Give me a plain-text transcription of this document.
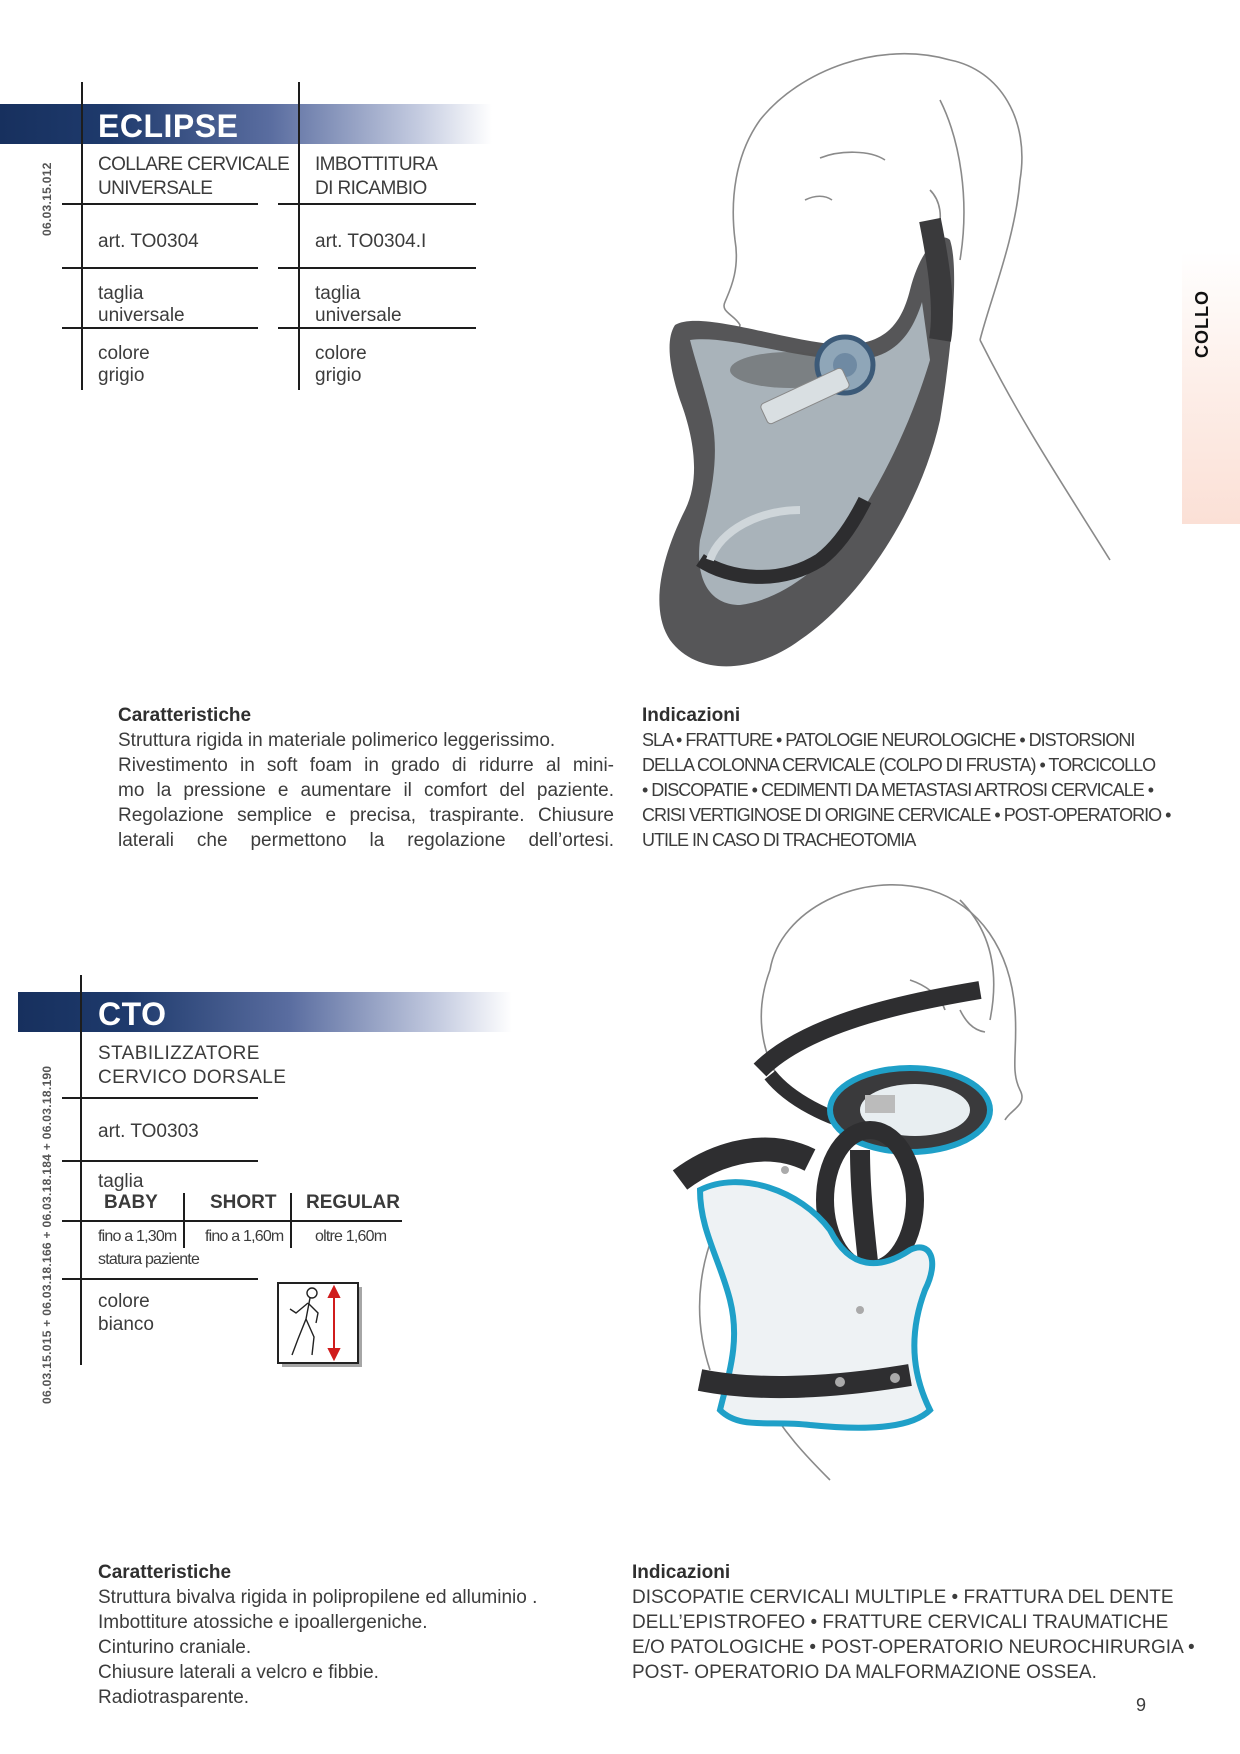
COLLO
ECLIPSE
06.03.15.012 COLLARE CERVICALE
UNIVERSALE
art. TO0304
taglia
universale
colore
grigio
IMBOTTITURA
DI RICAMBIO
art. TO0304.I
taglia
universale
colore
grigio
Caratteristiche
Struttura rigida in materiale polimerico leggerissimo.
Rivestimento in soft foam in grado di ridurre al mini-
mo la pressione e aumentare il comfort del paziente.
Regolazione semplice e precisa, traspirante. Chiusure
laterali che permettono la regolazione dell’ortesi.
Indicazioni
SLA • FRATTURE • PATOLOGIE NEUROLOGICHE • DISTORSIONI
DELLA COLONNA CERVICALE (COLPO DI FRUSTA) • TORCICOLLO
• DISCOPATIE • CEDIMENTI DA METASTASI ARTROSI CERVICALE •
CRISI VERTIGINOSE DI ORIGINE CERVICALE • POST-OPERATORIO •
UTILE IN CASO DI TRACHEOTOMIA
CTO
06.03.15.015 + 06.03.18.166 + 06.03.18.184 + 06.03.18.190
STABILIZZATORE
CERVICO DORSALE
art. TO0303
taglia
BABY	SHORT REGULAR
fino a 1,30m fino a 1,60m oltre 1,60m
statura paziente
colore
bianco
Caratteristiche
Struttura bivalva rigida in polipropilene ed alluminio .
Imbottiture atossiche e ipoallergeniche.
Cinturino craniale.
Chiusure laterali a velcro e fibbie.
Radiotrasparente.
Indicazioni
DISCOPATIE CERVICALI MULTIPLE • FRATTURA DEL DENTE
DELL’EPISTROFEO • FRATTURE CERVICALI TRAUMATICHE
E/O PATOLOGICHE • POST-OPERATORIO NEUROCHIRURGIA •
POST- OPERATORIO DA MALFORMAZIONE OSSEA.
9
